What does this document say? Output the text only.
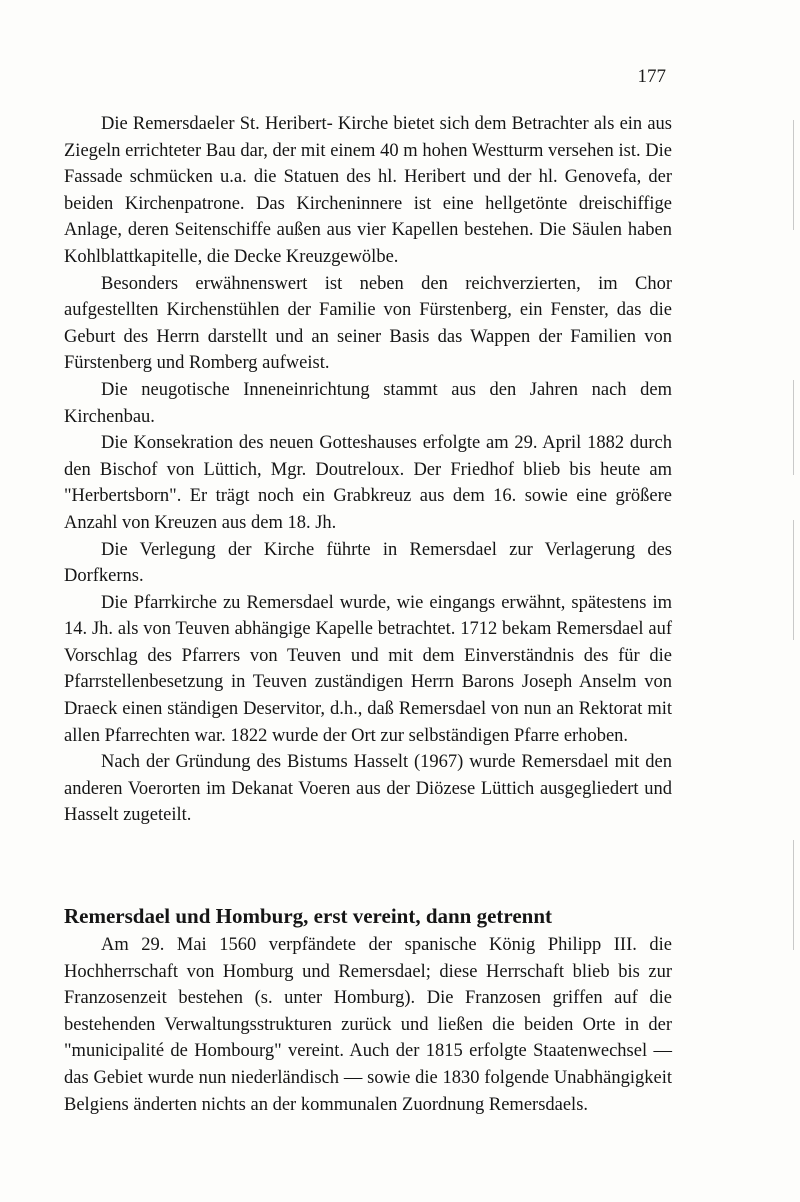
177

Die Remersdaeler St. Heribert- Kirche bietet sich dem Betrachter als ein aus Ziegeln errichteter Bau dar, der mit einem 40 m hohen Westturm versehen ist. Die Fassade schmücken u.a. die Statuen des hl. Heribert und der hl. Genovefa, der beiden Kirchenpatrone. Das Kircheninnere ist eine hellgetönte dreischiffige Anlage, deren Seitenschiffe außen aus vier Kapellen bestehen. Die Säulen haben Kohlblattkapitelle, die Decke Kreuzgewölbe.

Besonders erwähnenswert ist neben den reichverzierten, im Chor aufgestellten Kirchenstühlen der Familie von Fürstenberg, ein Fenster, das die Geburt des Herrn darstellt und an seiner Basis das Wappen der Familien von Fürstenberg und Romberg aufweist.

Die neugotische Inneneinrichtung stammt aus den Jahren nach dem Kirchenbau.

Die Konsekration des neuen Gotteshauses erfolgte am 29. April 1882 durch den Bischof von Lüttich, Mgr. Doutreloux. Der Friedhof blieb bis heute am "Herbertsborn". Er trägt noch ein Grabkreuz aus dem 16. sowie eine größere Anzahl von Kreuzen aus dem 18. Jh.

Die Verlegung der Kirche führte in Remersdael zur Verlagerung des Dorfkerns.

Die Pfarrkirche zu Remersdael wurde, wie eingangs erwähnt, spätestens im 14. Jh. als von Teuven abhängige Kapelle betrachtet. 1712 bekam Remersdael auf Vorschlag des Pfarrers von Teuven und mit dem Einverständnis des für die Pfarrstellenbesetzung in Teuven zuständigen Herrn Barons Joseph Anselm von Draeck einen ständigen Deservitor, d.h., daß Remersdael von nun an Rektorat mit allen Pfarrechten war. 1822 wurde der Ort zur selbständigen Pfarre erhoben.

Nach der Gründung des Bistums Hasselt (1967) wurde Remersdael mit den anderen Voerorten im Dekanat Voeren aus der Diözese Lüttich ausgegliedert und Hasselt zugeteilt.

Remersdael und Homburg, erst vereint, dann getrennt

Am 29. Mai 1560 verpfändete der spanische König Philipp III. die Hochherrschaft von Homburg und Remersdael; diese Herrschaft blieb bis zur Franzosenzeit bestehen (s. unter Homburg). Die Franzosen griffen auf die bestehenden Verwaltungsstrukturen zurück und ließen die beiden Orte in der "municipalité de Hombourg" vereint. Auch der 1815 erfolgte Staatenwechsel — das Gebiet wurde nun niederländisch — sowie die 1830 folgende Unabhängigkeit Belgiens änderten nichts an der kommunalen Zuordnung Remersdaels.
